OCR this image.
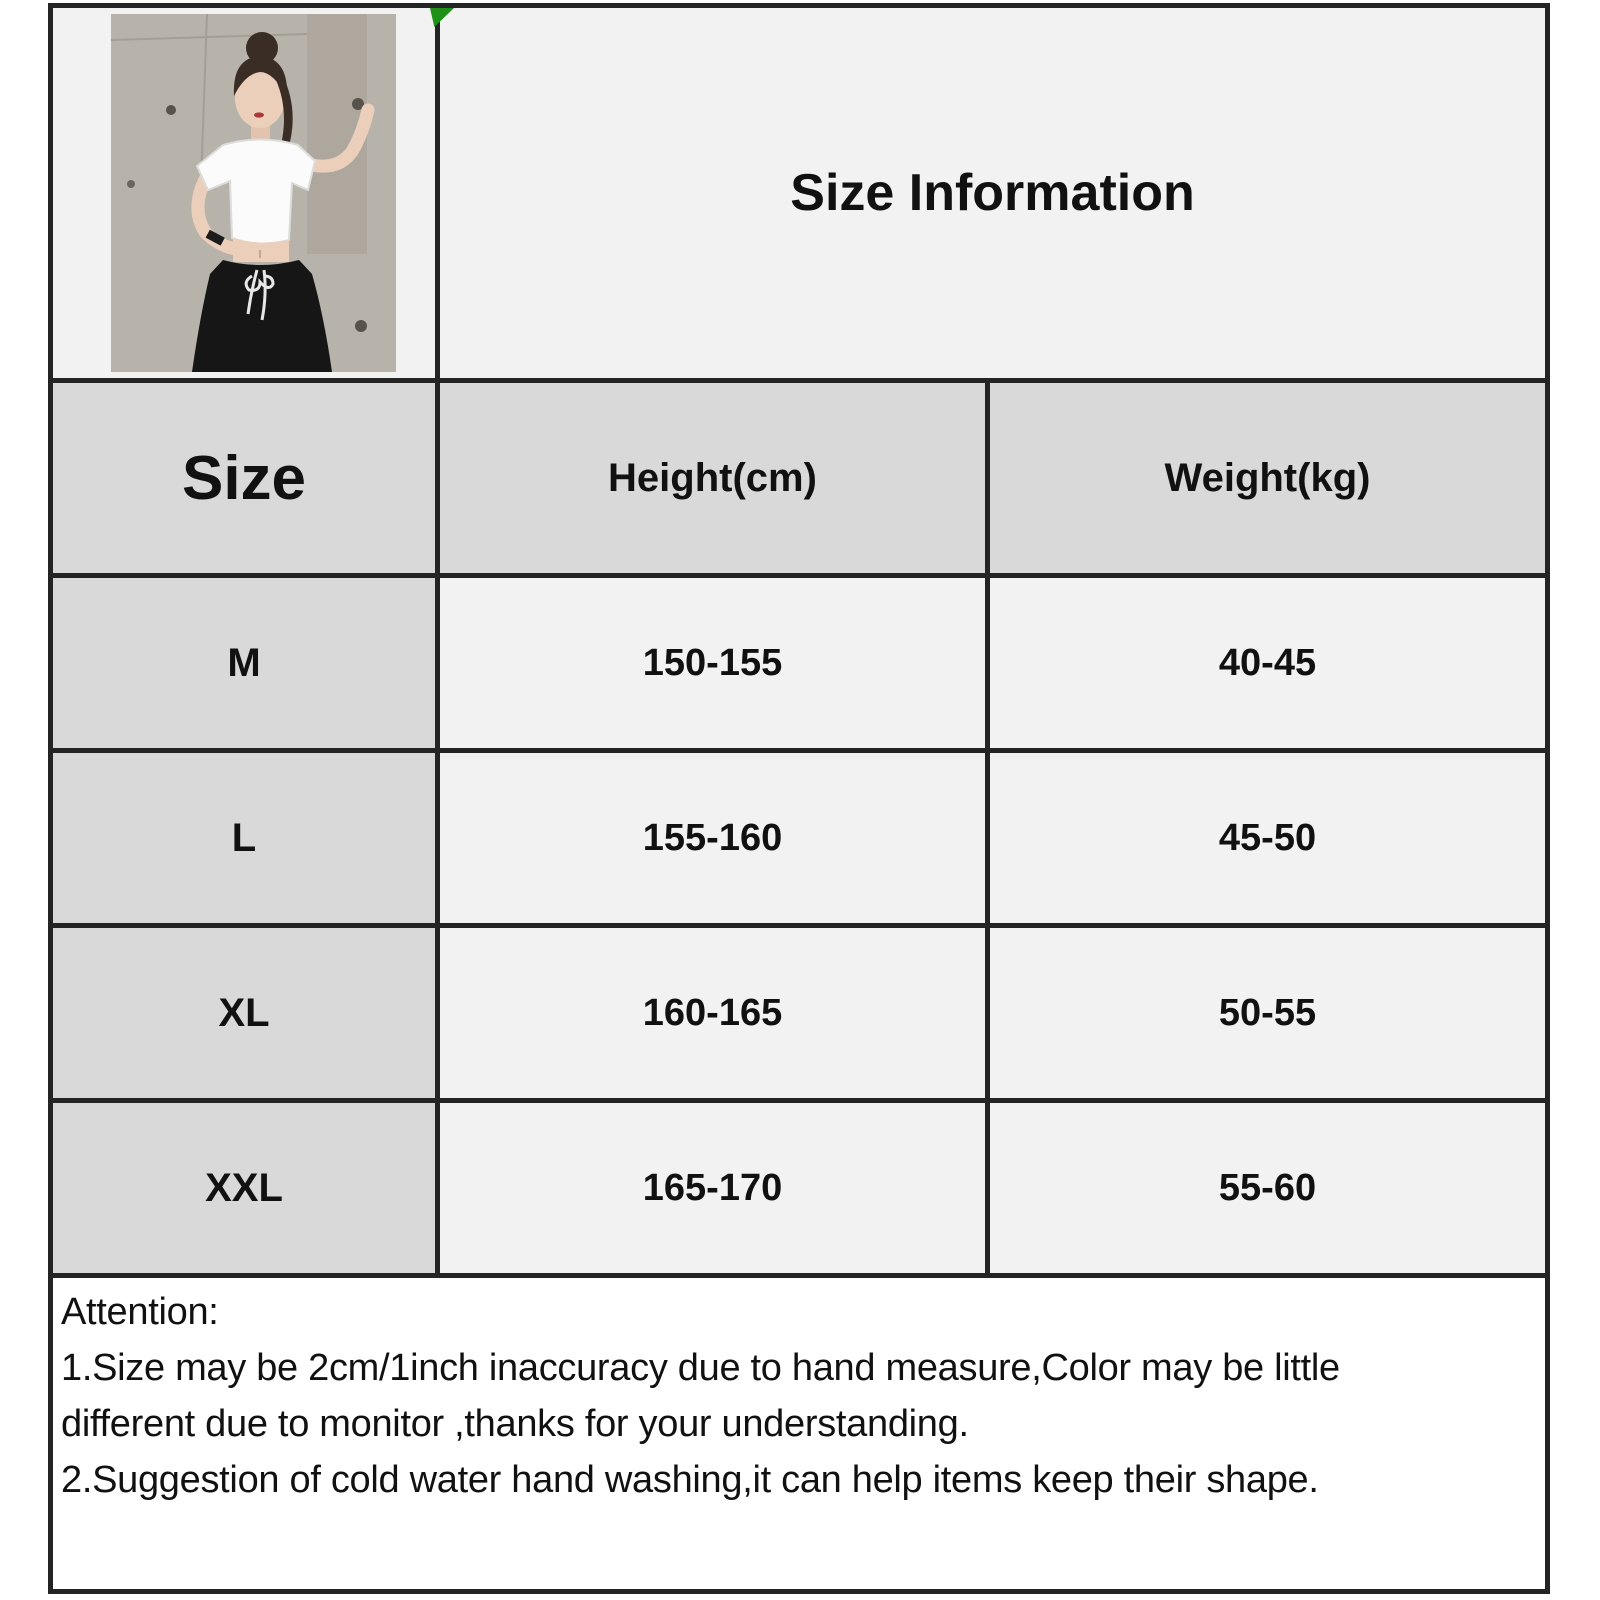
	Size Information	
Size	Height(cm)	Weight(kg)
M	150-155	40-45
L	155-160	45-50
XL	160-165	50-55
XXL	165-170	55-60

Attention:
1.Size may be 2cm/1inch inaccuracy due to hand measure,Color may be little
different due to monitor ,thanks for your understanding.
2.Suggestion of cold water hand washing,it can help items keep their shape.		
